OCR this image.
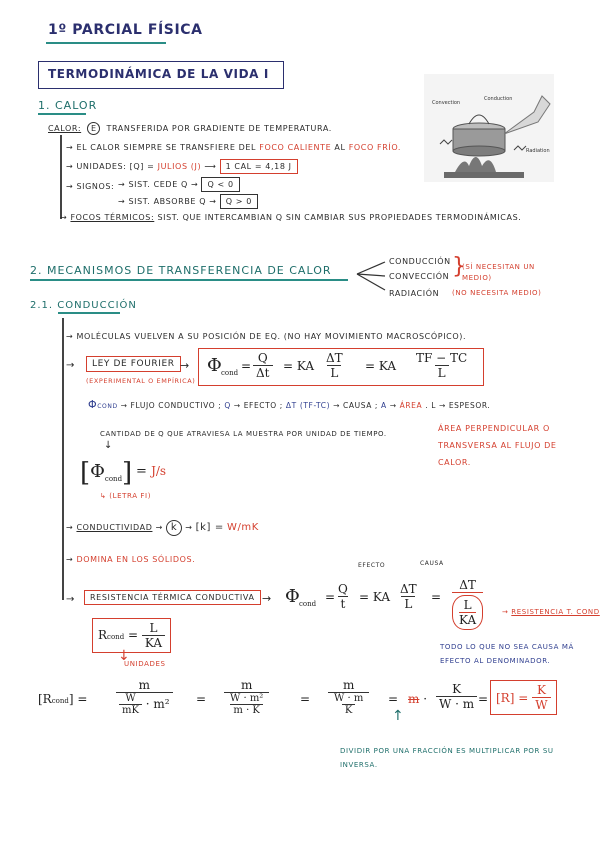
1º PARCIAL FÍSICA
TERMODINÁMICA DE LA VIDA I
Convection
Conduction
Radiation
1. CALOR
CALOR: E TRANSFERIDA POR GRADIENTE DE TEMPERATURA.
→ EL CALOR SIEMPRE SE TRANSFIERE DEL FOCO CALIENTE AL FOCO FRÍO.
→ UNIDADES: [Q] = JULIOS (J) ⟶ 1 CAL = 4,18 J
→ SIGNOS: → SIST. CEDE Q → Q < 0
→ SIST. ABSORBE Q → Q > 0
→ FOCOS TÉRMICOS: SIST. QUE INTERCAMBIAN Q SIN CAMBIAR SUS PROPIEDADES TERMODINÁMICAS.
2. MECANISMOS DE TRANSFERENCIA DE CALOR
CONDUCCIÓN
CONVECCIÓN }
(SÍ NECESITAN UN MEDIO)
RADIACIÓN (NO NECESITA MEDIO)
2.1. CONDUCCIÓN
→ MOLÉCULAS VUELVEN A SU POSICIÓN DE EQ. (NO HAY MOVIMIENTO MACROSCÓPICO).
→	LEY DE FOURIER
(EXPERIMENTAL O EMPÍRICA)
→ Φ cond = $\frac{Q}{\Delta t}$ = KA $\frac{\Delta T}{L}$ = KA $\frac{TF - TC}{L}$
ΦCOND → FLUJO CONDUCTIVO ; Q → EFECTO ; ΔT (TF-TC) → CAUSA ; A → ÁREA . L → ESPESOR.
ÁREA PERPENDICULAR O TRANSVERSA AL FLUJO DE CALOR.
CANTIDAD DE Q QUE ATRAVIESA LA MUESTRA POR UNIDAD DE TIEMPO.
↓
[Φcond] = J/s
↳ (LETRA FI)
→ CONDUCTIVIDAD → k → [k] = W/mK
→ DOMINA EN LOS SÓLIDOS.
→	RESISTENCIA TÉRMICA CONDUCTIVA → Φ cond = $\frac{Q}{t}$ = KA $\frac{\Delta T}{L}$ =
EFECTO	CAUSA
ΔT
$\frac{L}{KA}$	→ RESISTENCIA T. COND
TODO LO QUE NO SEA CAUSA MÁ EFECTO AL DENOMINADOR.
Rcond = $\frac{L}{KA}$
↓
UNIDADES
[Rcond] =
m
$\frac{W}{mK} \cdot m^2 = \frac{m}{\frac{\text{W · m²}}{m \cdot K}}$	= $\frac{m}{\frac{W \cdot m}{K}} = m \cdot \frac{K}{W \cdot m} = [R] = \frac{K}{W}$
↑
DIVIDIR POR UNA FRACCIÓN ES MULTIPLICAR POR SU INVERSA.
